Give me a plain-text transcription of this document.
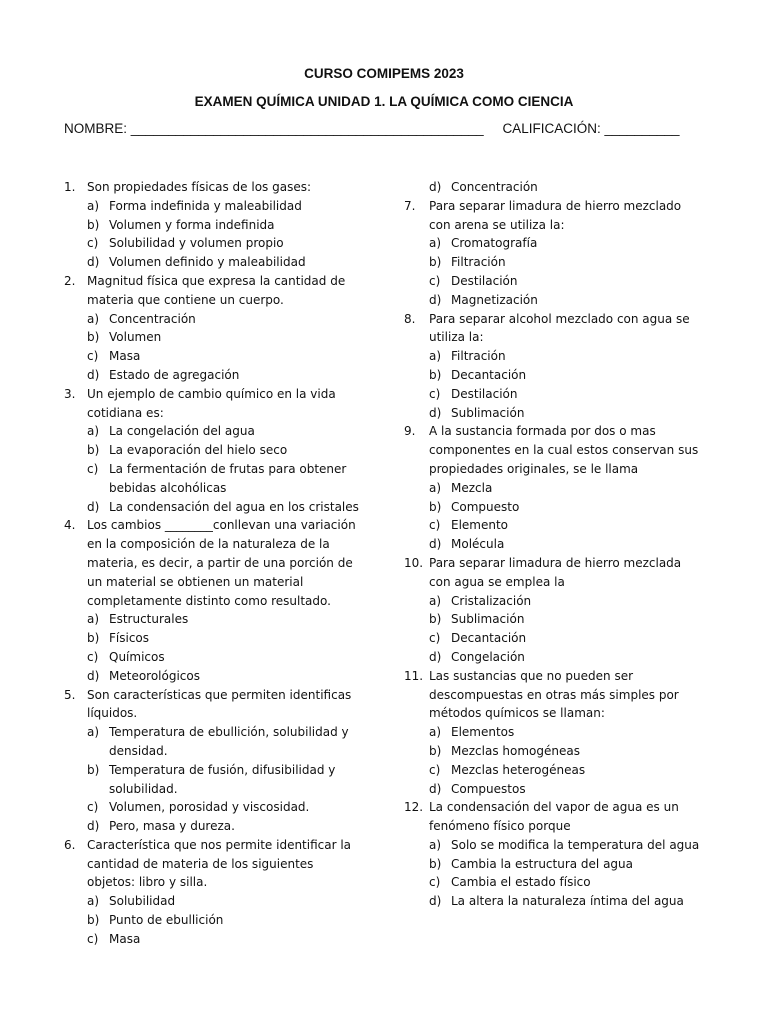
CURSO COMIPEMS 2023
EXAMEN QUÍMICA UNIDAD 1. LA QUÍMICA COMO CIENCIA
NOMBRE: _______________________________________________ CALIFICACIÓN: __________
1. Son propiedades físicas de los gases:
a) Forma indefinida y maleabilidad
b) Volumen y forma indefinida
c) Solubilidad y volumen propio
d) Volumen definido y maleabilidad
2. Magnitud física que expresa la cantidad de materia que contiene un cuerpo.
a) Concentración
b) Volumen
c) Masa
d) Estado de agregación
3. Un ejemplo de cambio químico en la vida cotidiana es:
a) La congelación del agua
b) La evaporación del hielo seco
c) La fermentación de frutas para obtener bebidas alcohólicas
d) La condensación del agua en los cristales
4. Los cambios ________conllevan una variación en la composición de la naturaleza de la materia, es decir, a partir de una porción de un material se obtienen un material completamente distinto como resultado.
a) Estructurales
b) Físicos
c) Químicos
d) Meteorológicos
5. Son características que permiten identificas líquidos.
a) Temperatura de ebullición, solubilidad y densidad.
b) Temperatura de fusión, difusibilidad y solubilidad.
c) Volumen, porosidad y viscosidad.
d) Pero, masa y dureza.
6. Característica que nos permite identificar la cantidad de materia de los siguientes objetos: libro y silla.
a) Solubilidad
b) Punto de ebullición
c) Masa
d) Concentración
7.	Para separar limadura de hierro mezclado con arena se utiliza la:
a) Cromatografía
b) Filtración
c) Destilación
d) Magnetización
8.	Para separar alcohol mezclado con agua se utiliza la:
a) Filtración
b) Decantación
c) Destilación
d) Sublimación
9.	A la sustancia formada por dos o mas componentes en la cual estos conservan sus propiedades originales, se le llama
a) Mezcla
b) Compuesto
c) Elemento
d) Molécula
10. Para separar limadura de hierro mezclada con agua se emplea la
a) Cristalización
b) Sublimación
c) Decantación
d) Congelación
11. Las sustancias que no pueden ser descompuestas en otras más simples por métodos químicos se llaman:
a) Elementos
b) Mezclas homogéneas
c) Mezclas heterogéneas
d) Compuestos
12. La condensación del vapor de agua es un fenómeno físico porque
a) Solo se modifica la temperatura del agua
b) Cambia la estructura del agua
c) Cambia el estado físico
d) La altera la naturaleza íntima del agua
